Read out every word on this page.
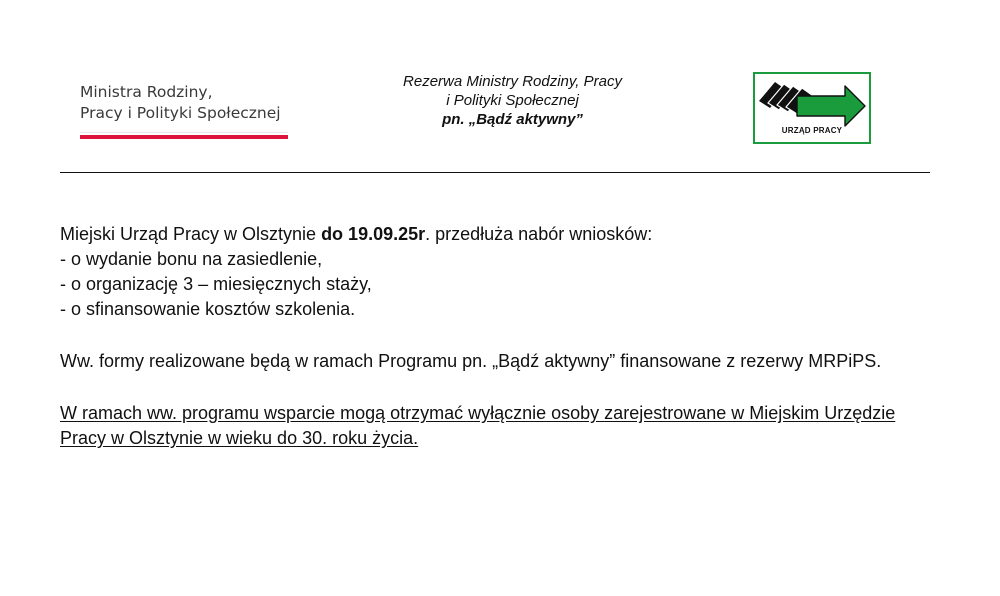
Ministra Rodziny,
Pracy i Polityki Społecznej
Rezerwa Ministry Rodziny, Pracy
i Polityki Społecznej
pn. „Bądź aktywny”
URZĄD PRACY

Miejski Urząd Pracy w Olsztynie do 19.09.25r. przedłuża nabór wniosków:

- o wydanie bonu na zasiedlenie,

- o organizację 3 – miesięcznych staży,

- o sfinansowanie kosztów szkolenia.

Ww. formy realizowane będą w ramach Programu pn. „Bądź aktywny” finansowane z rezerwy MRPiPS.

W ramach ww. programu wsparcie mogą otrzymać wyłącznie osoby zarejestrowane w Miejskim Urzędzie Pracy w Olsztynie w wieku do 30. roku życia.
